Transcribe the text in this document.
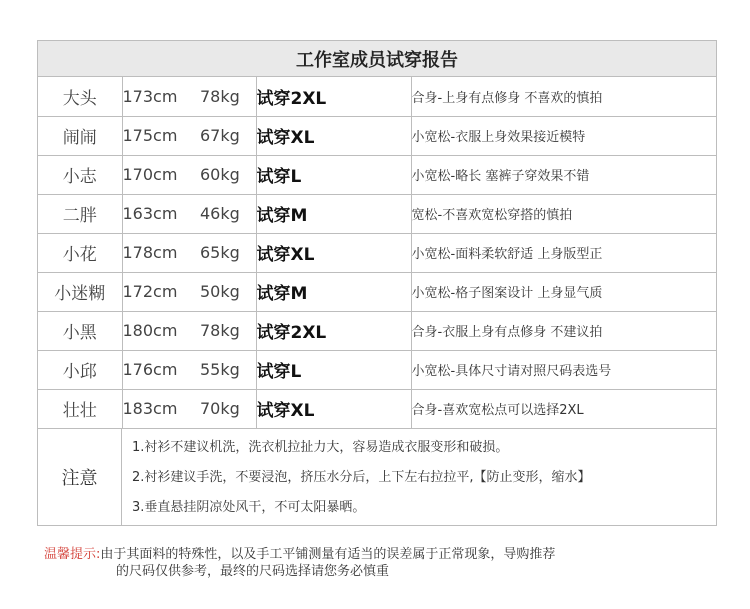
工作室成员试穿报告
大头	173cm	78kg	试穿2XL	合身-上身有点修身 不喜欢的慎拍
闹闹	175cm	67kg	试穿XL	小宽松-衣服上身效果接近模特
小志	170cm	60kg	试穿L	小宽松-略长 塞裤子穿效果不错
二胖	163cm	46kg	试穿M	宽松-不喜欢宽松穿搭的慎拍
小花	178cm	65kg	试穿XL	小宽松-面料柔软舒适 上身版型正
小迷糊	172cm	50kg	试穿M	小宽松-格子图案设计 上身显气质
小黑	180cm	78kg	试穿2XL	合身-衣服上身有点修身 不建议拍
小邱	176cm	55kg	试穿L	小宽松-具体尺寸请对照尺码表选号
壮壮	183cm	70kg	试穿XL	合身-喜欢宽松点可以选择2XL
注意
1.衬衫不建议机洗，洗衣机拉扯力大，容易造成衣服变形和破损。
2.衬衫建议手洗，不要浸泡，挤压水分后，上下左右拉拉平,【防止变形，缩水】
3.垂直悬挂阴凉处风干，不可太阳暴晒。
温馨提示:由于其面料的特殊性，以及手工平铺测量有适当的误差属于正常现象，导购推荐
的尺码仅供参考，最终的尺码选择请您务必慎重
